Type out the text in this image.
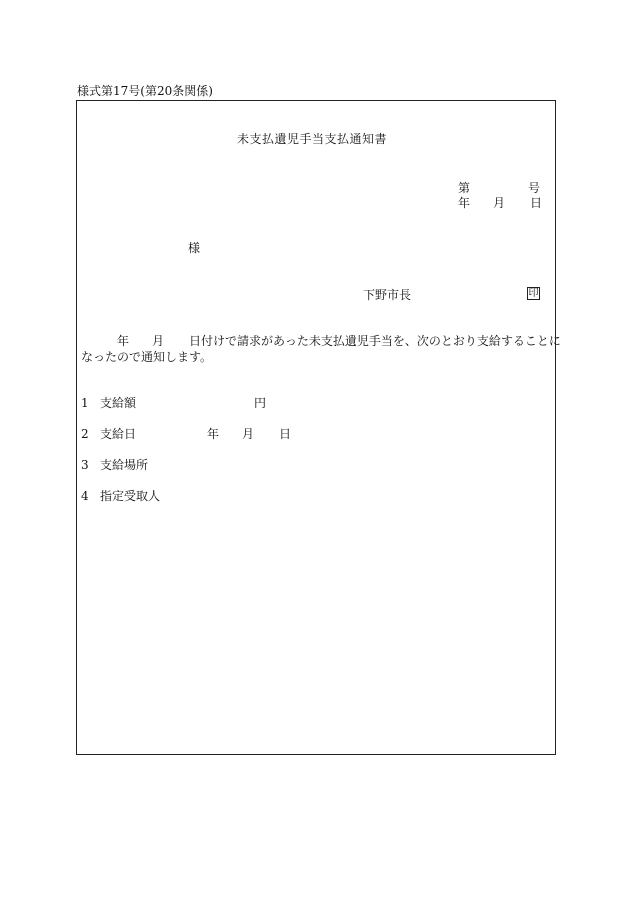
様式第17号(第20条関係)
未支払遺児手当支払通知書
第	号
年 月 日
様
下野市長	印
年 月 日付けで請求があった未支払遺児手当を、次のとおり支給することに
なったので通知します。
1 支給額	円
2 支給日	年 月 日
3 支給場所
4 指定受取人
